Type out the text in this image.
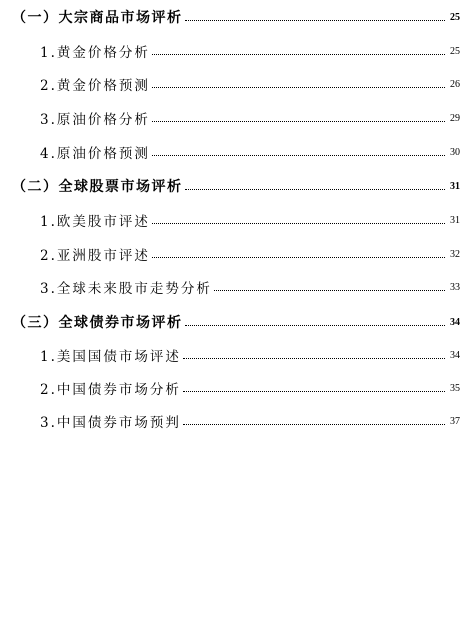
（一）大宗商品市场评析	25
1.黄金价格分析	25
2.黄金价格预测	26
3.原油价格分析	29
4.原油价格预测	30
（二）全球股票市场评析	31
1.欧美股市评述	31
2.亚洲股市评述	32
3.全球未来股市走势分析	33
（三）全球债券市场评析	34
1.美国国债市场评述	34
2.中国债券市场分析	35
3.中国债券市场预判	37
